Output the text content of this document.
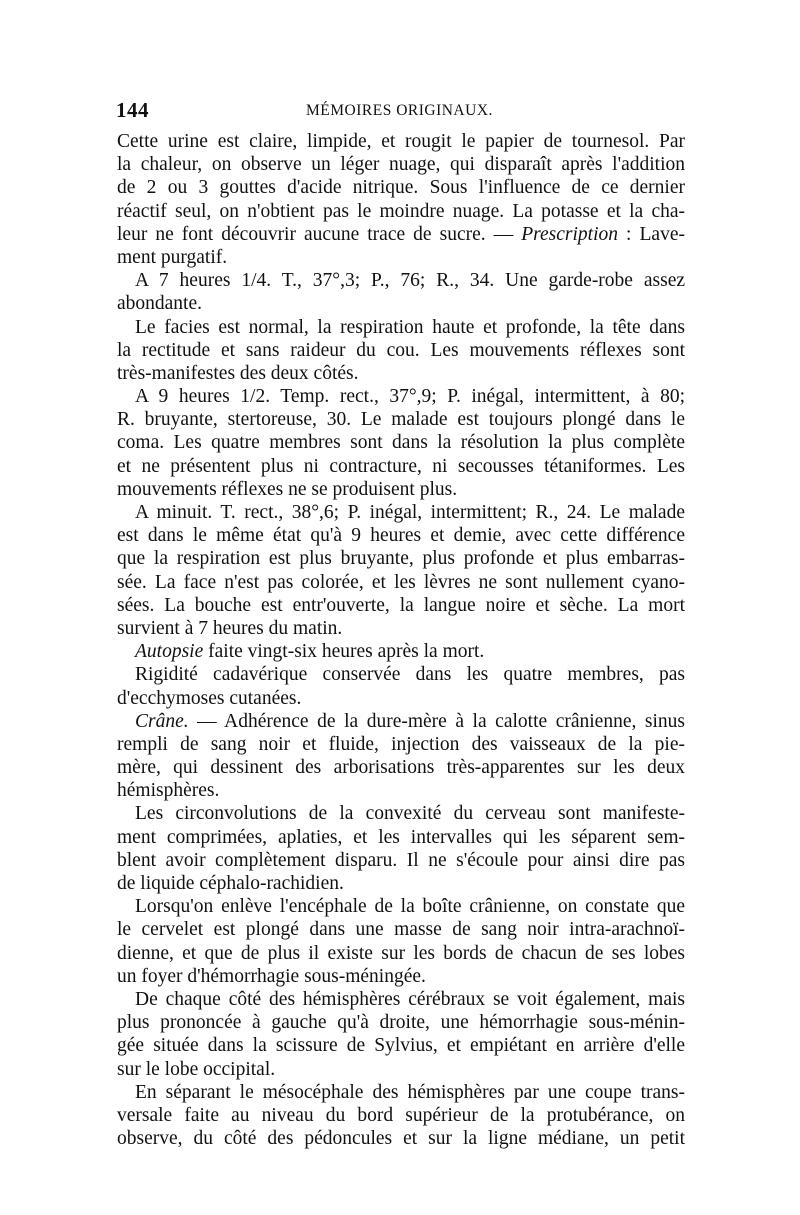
144	MÉMOIRES ORIGINAUX.
Cette urine est claire, limpide, et rougit le papier de tournesol. Par
la chaleur, on observe un léger nuage, qui disparaît après l'addition
de 2 ou 3 gouttes d'acide nitrique. Sous l'influence de ce dernier
réactif seul, on n'obtient pas le moindre nuage. La potasse et la cha-
leur ne font découvrir aucune trace de sucre. — Prescription : Lave-
ment purgatif.
A 7 heures 1/4. T., 37°,3; P., 76; R., 34. Une garde-robe assez
abondante.
Le facies est normal, la respiration haute et profonde, la tête dans
la rectitude et sans raideur du cou. Les mouvements réflexes sont
très-manifestes des deux côtés.
A 9 heures 1/2. Temp. rect., 37°,9; P. inégal, intermittent, à 80;
R. bruyante, stertoreuse, 30. Le malade est toujours plongé dans le
coma. Les quatre membres sont dans la résolution la plus complète
et ne présentent plus ni contracture, ni secousses tétaniformes. Les
mouvements réflexes ne se produisent plus.
A minuit. T. rect., 38°,6; P. inégal, intermittent; R., 24. Le malade
est dans le même état qu'à 9 heures et demie, avec cette différence
que la respiration est plus bruyante, plus profonde et plus embarras-
sée. La face n'est pas colorée, et les lèvres ne sont nullement cyano-
sées. La bouche est entr'ouverte, la langue noire et sèche. La mort
survient à 7 heures du matin.
Autopsie faite vingt-six heures après la mort.
Rigidité cadavérique conservée dans les quatre membres, pas
d'ecchymoses cutanées.
Crâne. — Adhérence de la dure-mère à la calotte crânienne, sinus
rempli de sang noir et fluide, injection des vaisseaux de la pie-
mère, qui dessinent des arborisations très-apparentes sur les deux
hémisphères.
Les circonvolutions de la convexité du cerveau sont manifeste-
ment comprimées, aplaties, et les intervalles qui les séparent sem-
blent avoir complètement disparu. Il ne s'écoule pour ainsi dire pas
de liquide céphalo-rachidien.
Lorsqu'on enlève l'encéphale de la boîte crânienne, on constate que
le cervelet est plongé dans une masse de sang noir intra-arachnoï-
dienne, et que de plus il existe sur les bords de chacun de ses lobes
un foyer d'hémorrhagie sous-méningée.
De chaque côté des hémisphères cérébraux se voit également, mais
plus prononcée à gauche qu'à droite, une hémorrhagie sous-ménin-
gée située dans la scissure de Sylvius, et empiétant en arrière d'elle
sur le lobe occipital.
En séparant le mésocéphale des hémisphères par une coupe trans-
versale faite au niveau du bord supérieur de la protubérance, on
observe, du côté des pédoncules et sur la ligne médiane, un petit
